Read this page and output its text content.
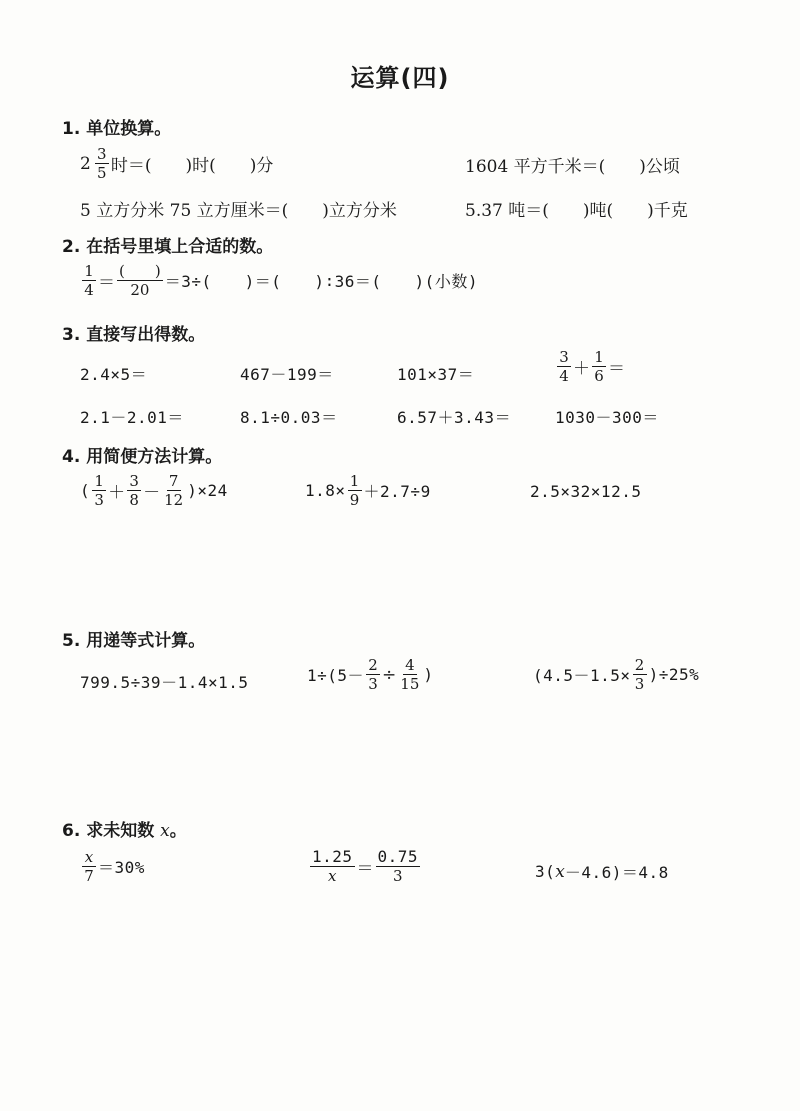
运算(四)
1. 单位换算。
$2 \frac{3}{5}$ 时＝(　　)时(　　)分	1604 平方千米＝(　　)公顷
5 立方分米 75 立方厘米＝(　　)立方分米	5.37 吨＝(　　)吨(　　)千克
2. 在括号里填上合适的数。
$\frac{1}{4} = \frac{( )}{20} =3\div$(　　)＝(　　)∶36＝(　　)(小数)
3. 直接写出得数。
2.4×5＝	467－199＝	101×37＝	$\frac{3}{4} + \frac{1}{6}$ ＝
2.1－2.01＝	8.1÷0.03＝	6.57＋3.43＝	1030－300＝
4. 用简便方法计算。
( $\frac{1}{3} + \frac{3}{8} - \frac{7}{12} )\times 24$	$1.8\times \frac{1}{9} +2.7\div 9$	2.5×32×12.5
5. 用递等式计算。
799.5÷39－1.4×1.5	$1\div(5- \frac{2}{3} \div \frac{4}{15}$ )	$(4.5-1.5\times \frac{2}{3} )\div 25\%$
6. 求未知数 x。
$\frac{x}{7} =30\%$	$\frac{1.25}{x} = \frac{0.75}{3}$	3( x －4.6)＝4.8
